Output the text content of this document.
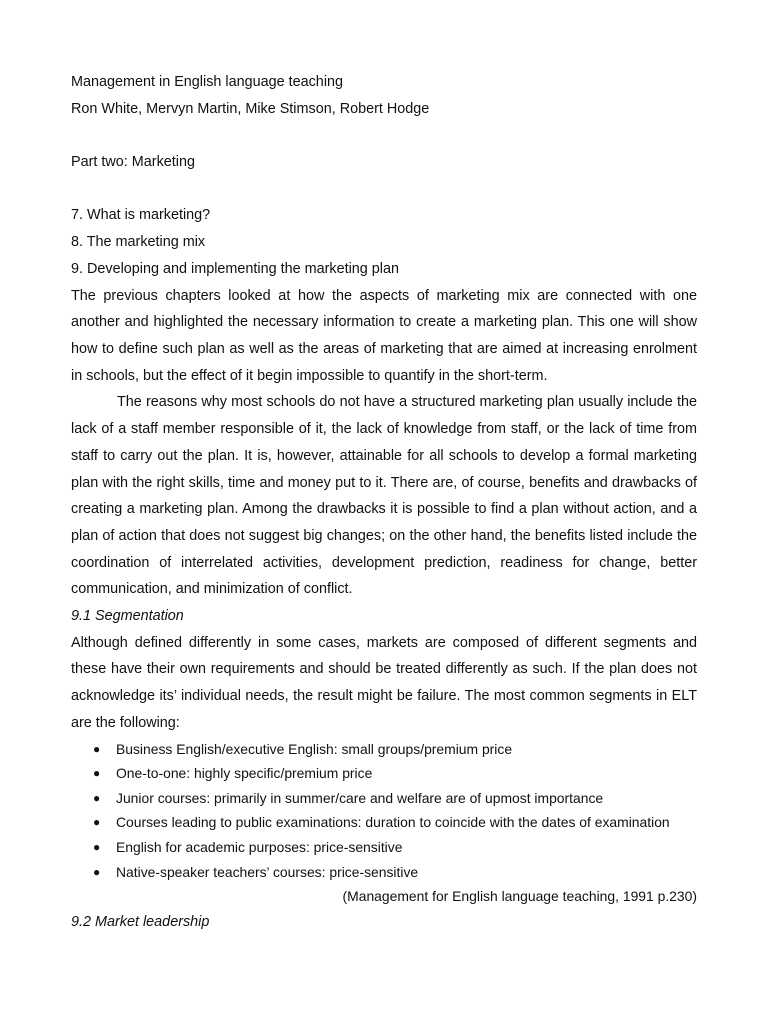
Management in English language teaching
Ron White, Mervyn Martin, Mike Stimson, Robert Hodge
Part two: Marketing
7. What is marketing?
8. The marketing mix
9. Developing and implementing the marketing plan
The previous chapters looked at how the aspects of marketing mix are connected with one another and highlighted the necessary information to create a marketing plan. This one will show how to define such plan as well as the areas of marketing that are aimed at increasing enrolment in schools, but the effect of it begin impossible to quantify in the short-term.
The reasons why most schools do not have a structured marketing plan usually include the lack of a staff member responsible of it, the lack of knowledge from staff, or the lack of time from staff to carry out the plan. It is, however, attainable for all schools to develop a formal marketing plan with the right skills, time and money put to it. There are, of course, benefits and drawbacks of creating a marketing plan. Among the drawbacks it is possible to find a plan without action, and a plan of action that does not suggest big changes; on the other hand, the benefits listed include the coordination of interrelated activities, development prediction, readiness for change, better communication, and minimization of conflict.
9.1 Segmentation
Although defined differently in some cases, markets are composed of different segments and these have their own requirements and should be treated differently as such. If the plan does not acknowledge its’ individual needs, the result might be failure. The most common segments in ELT are the following:
● Business English/executive English: small groups/premium price
● One-to-one: highly specific/premium price
● Junior courses: primarily in summer/care and welfare are of upmost importance
● Courses leading to public examinations: duration to coincide with the dates of examination
● English for academic purposes: price-sensitive
● Native-speaker teachers’ courses: price-sensitive
(Management for English language teaching, 1991 p.230)
9.2 Market leadership
